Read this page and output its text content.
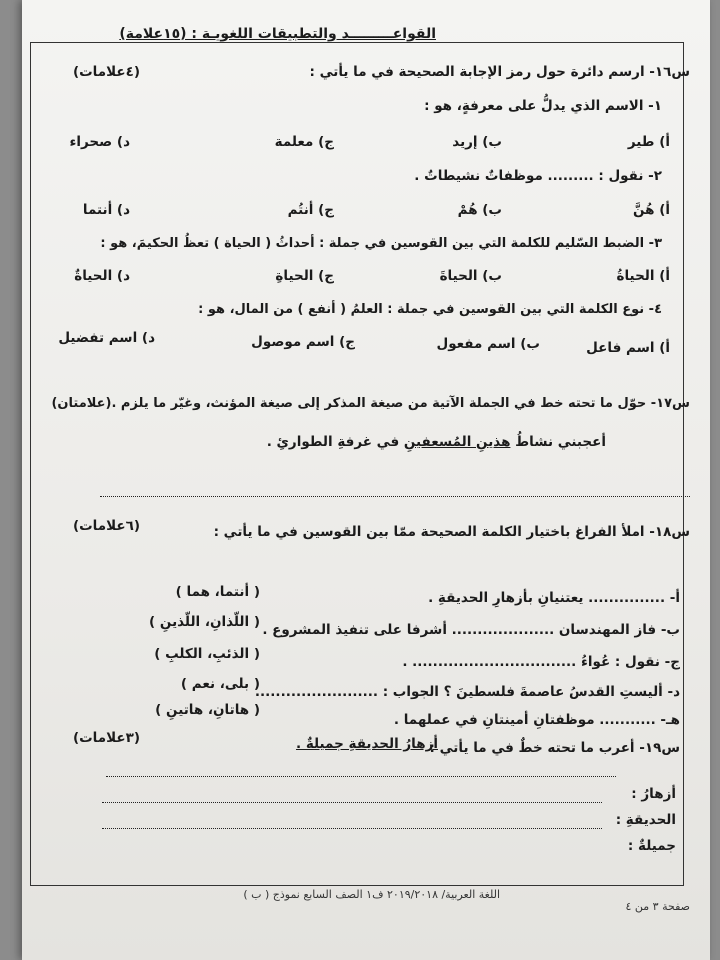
القواعـــــــــد والتطبيقات اللغويـة : (١٥علامة)
س١٦- ارسم دائرة حول رمز الإجابة الصحيحة في ما يأتي :
(٤علامات)
١- الاسم الذي يدلُّ على معرفةٍ، هو :
أ) طير
ب) إريد
ج) معلمة
د) صحراء
٢- نقول : ......... موظفاتٌ نشيطاتٌ .
أ) هُنَّ
ب) هُمْ
ج) أنتُم
د) أنتما
٣- الضبط السّليم للكلمة التي بين القوسين في جملة : أحداثُ ( الحياة ) تعظُ الحكيمَ، هو :
أ) الحياةُ
ب) الحياةَ
ج) الحياةِ
د) الحياةٌ
٤- نوع الكلمة التي بين القوسين في جملة : العلمُ ( أنفع ) من المال، هو :
أ) اسم فاعل
ب) اسم مفعول
ج) اسم موصول
د) اسم تفضيل
س١٧- حوّل ما تحته خط في الجملة الآتية من صيغة المذكر إلى صيغة المؤنث، وغيّر ما يلزم .(علامتان)
أعجبني نشاطُ هذينِ المُسعفينِ في غرفةِ الطوارئِ .
س١٨- املأ الفراغ باختيار الكلمة الصحيحة ممّا بين القوسين في ما يأتي :
(٦علامات)
أ- ............... يعتنيانِ بأزهارِ الحديقةِ .
( أنتما، هما )
ب- فاز المهندسان .................... أشرفا على تنفيذ المشروع .
( اللّذانِ، اللّذينِ )
ج- نقول : عُواءُ ................................ .
( الذئبِ، الكلبِ )
د- أليستِ القدسُ عاصمةَ فلسطينَ ؟ الجواب : ........................
( بلى، نعم )
هـ- ........... موظفتانِ أمينتانِ في عملهما .
( هاتانِ، هاتينِ )
س١٩- أعرب ما تحته خطٌ في ما يأتي :
أزهارُ الحديقةِ جميلةٌ .
(٣علامات)
أزهارُ :
الحديقةِ :
جميلةٌ :
اللغة العربية/ ٢٠١٩/٢٠١٨ ف١ الصف السابع نموذج ( ب )
صفحة ٣ من ٤
